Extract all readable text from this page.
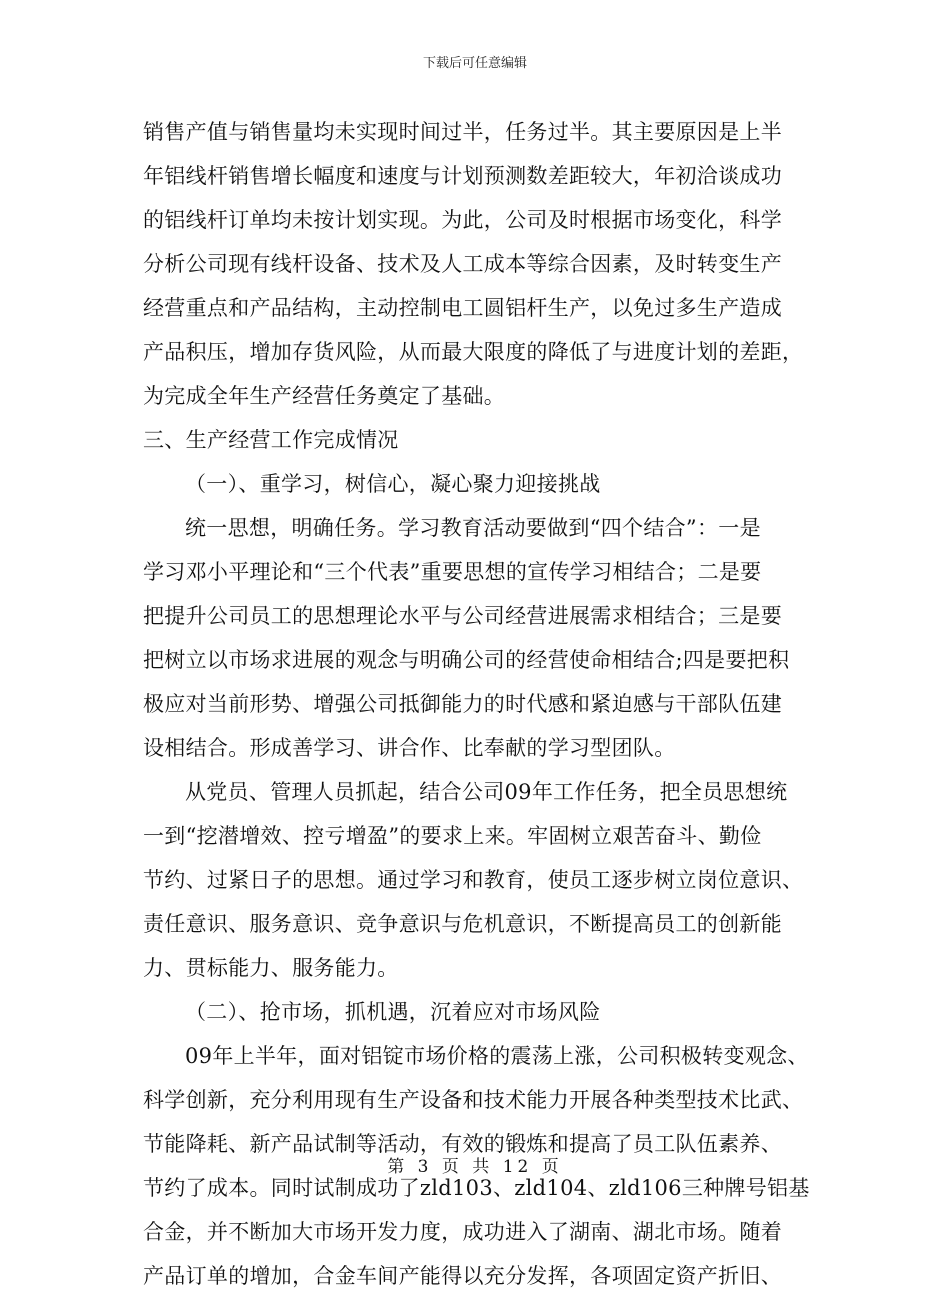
下载后可任意编辑
销售产值与销售量均未实现时间过半，任务过半。其主要原因是上半
年铝线杆销售增长幅度和速度与计划预测数差距较大，年初洽谈成功
的铝线杆订单均未按计划实现。为此，公司及时根据市场变化，科学
分析公司现有线杆设备、技术及人工成本等综合因素，及时转变生产
经营重点和产品结构，主动控制电工圆铝杆生产，以免过多生产造成
产品积压，增加存货风险，从而最大限度的降低了与进度计划的差距，
为完成全年生产经营任务奠定了基础。
三、生产经营工作完成情况
（一）、重学习，树信心，凝心聚力迎接挑战
统一思想，明确任务。学习教育活动要做到“四个结合”：一是
学习邓小平理论和“三个代表”重要思想的宣传学习相结合；二是要
把提升公司员工的思想理论水平与公司经营进展需求相结合；三是要
把树立以市场求进展的观念与明确公司的经营使命相结合;四是要把积
极应对当前形势、增强公司抵御能力的时代感和紧迫感与干部队伍建
设相结合。形成善学习、讲合作、比奉献的学习型团队。
从党员、管理人员抓起，结合公司09年工作任务，把全员思想统
一到“挖潜增效、控亏增盈”的要求上来。牢固树立艰苦奋斗、勤俭
节约、过紧日子的思想。通过学习和教育，使员工逐步树立岗位意识、
责任意识、服务意识、竞争意识与危机意识，不断提高员工的创新能
力、贯标能力、服务能力。
（二）、抢市场，抓机遇，沉着应对市场风险
09年上半年，面对铝锭市场价格的震荡上涨，公司积极转变观念、
科学创新，充分利用现有生产设备和技术能力开展各种类型技术比武、
节能降耗、新产品试制等活动，有效的锻炼和提高了员工队伍素养、
节约了成本。同时试制成功了zld103、zld104、zld106三种牌号铝基
合金，并不断加大市场开发力度，成功进入了湖南、湖北市场。随着
产品订单的增加，合金车间产能得以充分发挥，各项固定资产折旧、
第 3 页 共 12 页
